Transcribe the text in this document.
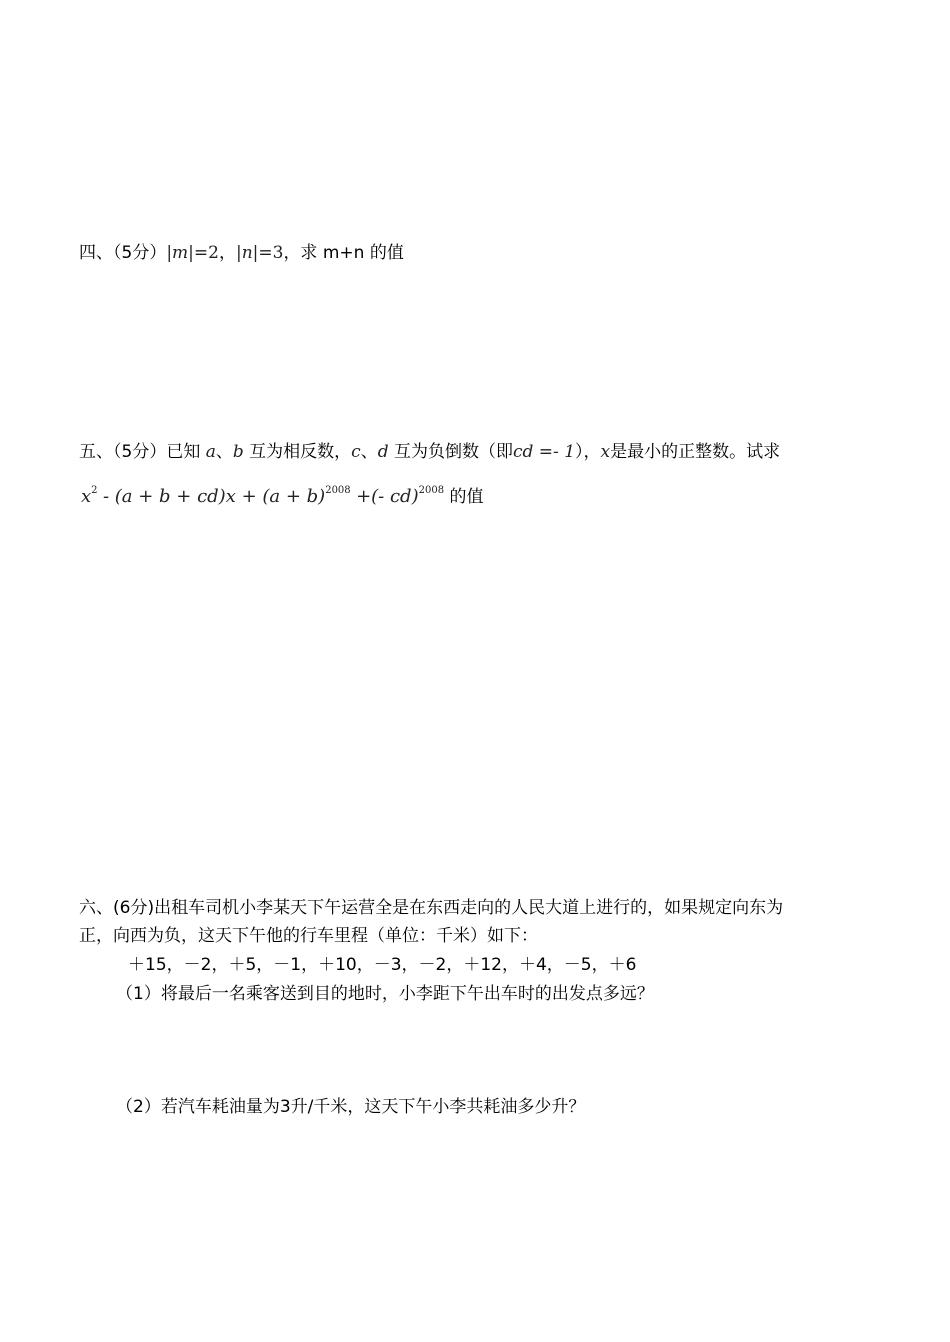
四、（5分）|m|=2，|n|=3，求 m+n 的值
五、（5分）已知 a、b 互为相反数，c、d 互为负倒数（即cd =- 1），x是最小的正整数。试求
$x^2 - (a + b + cd)x + (a + b)^{2008}$ +(- cd)$^{2008}$ 的值
六、(6分)出租车司机小李某天下午运营全是在东西走向的人民大道上进行的，如果规定向东为
正，向西为负，这天下午他的行车里程（单位：千米）如下：
＋15，－2，＋5，－1，＋10，－3，－2，＋12，＋4，－5，＋6
（1）将最后一名乘客送到目的地时，小李距下午出车时的出发点多远？
（2）若汽车耗油量为3升/千米，这天下午小李共耗油多少升？
